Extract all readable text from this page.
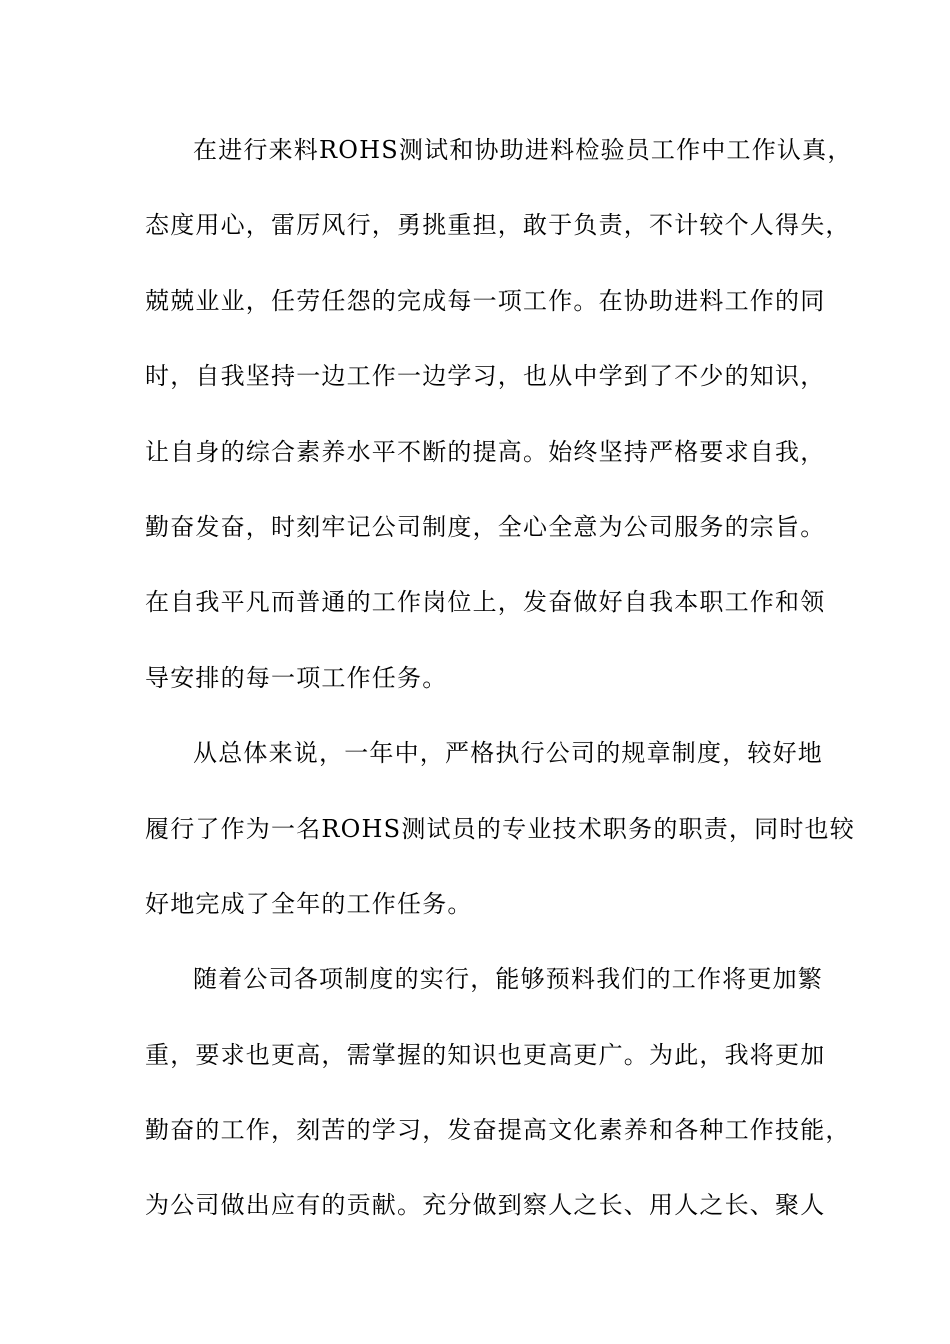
在进行来料ROHS测试和协助进料检验员工作中工作认真，
态度用心，雷厉风行，勇挑重担，敢于负责，不计较个人得失，
兢兢业业，任劳任怨的完成每一项工作。在协助进料工作的同
时，自我坚持一边工作一边学习，也从中学到了不少的知识，
让自身的综合素养水平不断的提高。始终坚持严格要求自我，
勤奋发奋，时刻牢记公司制度，全心全意为公司服务的宗旨。
在自我平凡而普通的工作岗位上，发奋做好自我本职工作和领
导安排的每一项工作任务。
从总体来说，一年中，严格执行公司的规章制度，较好地
履行了作为一名ROHS测试员的专业技术职务的职责，同时也较
好地完成了全年的工作任务。
随着公司各项制度的实行，能够预料我们的工作将更加繁
重，要求也更高，需掌握的知识也更高更广。为此，我将更加
勤奋的工作，刻苦的学习，发奋提高文化素养和各种工作技能，
为公司做出应有的贡献。充分做到察人之长、用人之长、聚人
